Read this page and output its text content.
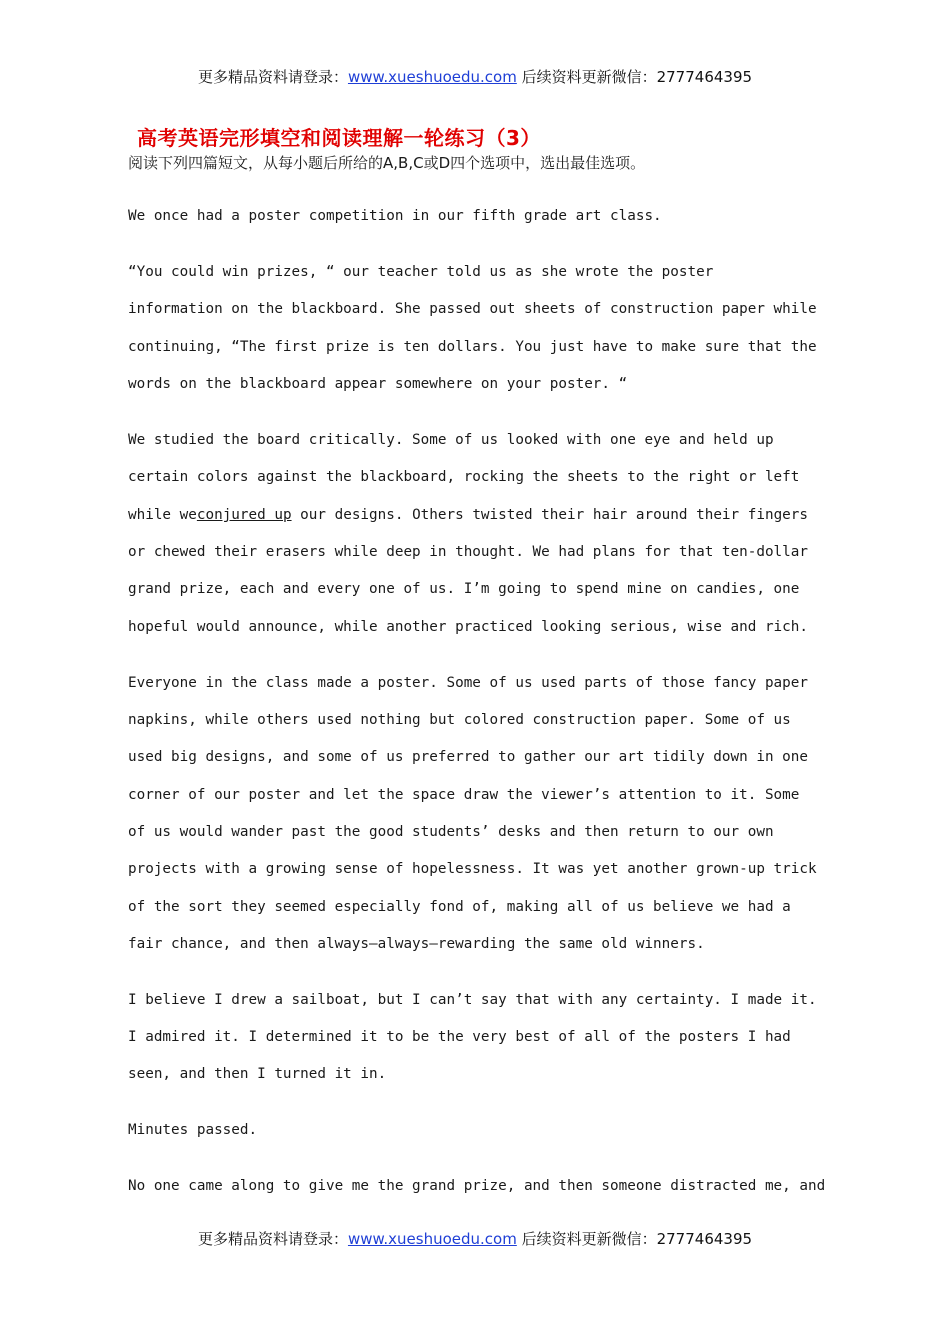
更多精品资料请登录：www.xueshuoedu.com 后续资料更新微信：2777464395
高考英语完形填空和阅读理解一轮练习（3）
阅读下列四篇短文，从每小题后所给的A,B,C或D四个选项中，选出最佳选项。
We once had a poster competition in our fifth grade art class.
“You could win prizes, “ our teacher told us as she wrote the poster
information on the blackboard. She passed out sheets of construction paper while
continuing, “The first prize is ten dollars. You just have to make sure that the
words on the blackboard appear somewhere on your poster. “
We studied the board critically. Some of us looked with one eye and held up
certain colors against the blackboard, rocking the sheets to the right or left
while weconjured up our designs. Others twisted their hair around their fingers
or chewed their erasers while deep in thought. We had plans for that ten-dollar
grand prize, each and every one of us. I’m going to spend mine on candies, one
hopeful would announce, while another practiced looking serious, wise and rich.
Everyone in the class made a poster. Some of us used parts of those fancy paper
napkins, while others used nothing but colored construction paper. Some of us
used big designs, and some of us preferred to gather our art tidily down in one
corner of our poster and let the space draw the viewer’s attention to it. Some
of us would wander past the good students’ desks and then return to our own
projects with a growing sense of hopelessness. It was yet another grown-up trick
of the sort they seemed especially fond of, making all of us believe we had a
fair chance, and then always—always—rewarding the same old winners.
I believe I drew a sailboat, but I can’t say that with any certainty. I made it.
I admired it. I determined it to be the very best of all of the posters I had
seen, and then I turned it in.
Minutes passed.
No one came along to give me the grand prize, and then someone distracted me, and
更多精品资料请登录：www.xueshuoedu.com 后续资料更新微信：2777464395
